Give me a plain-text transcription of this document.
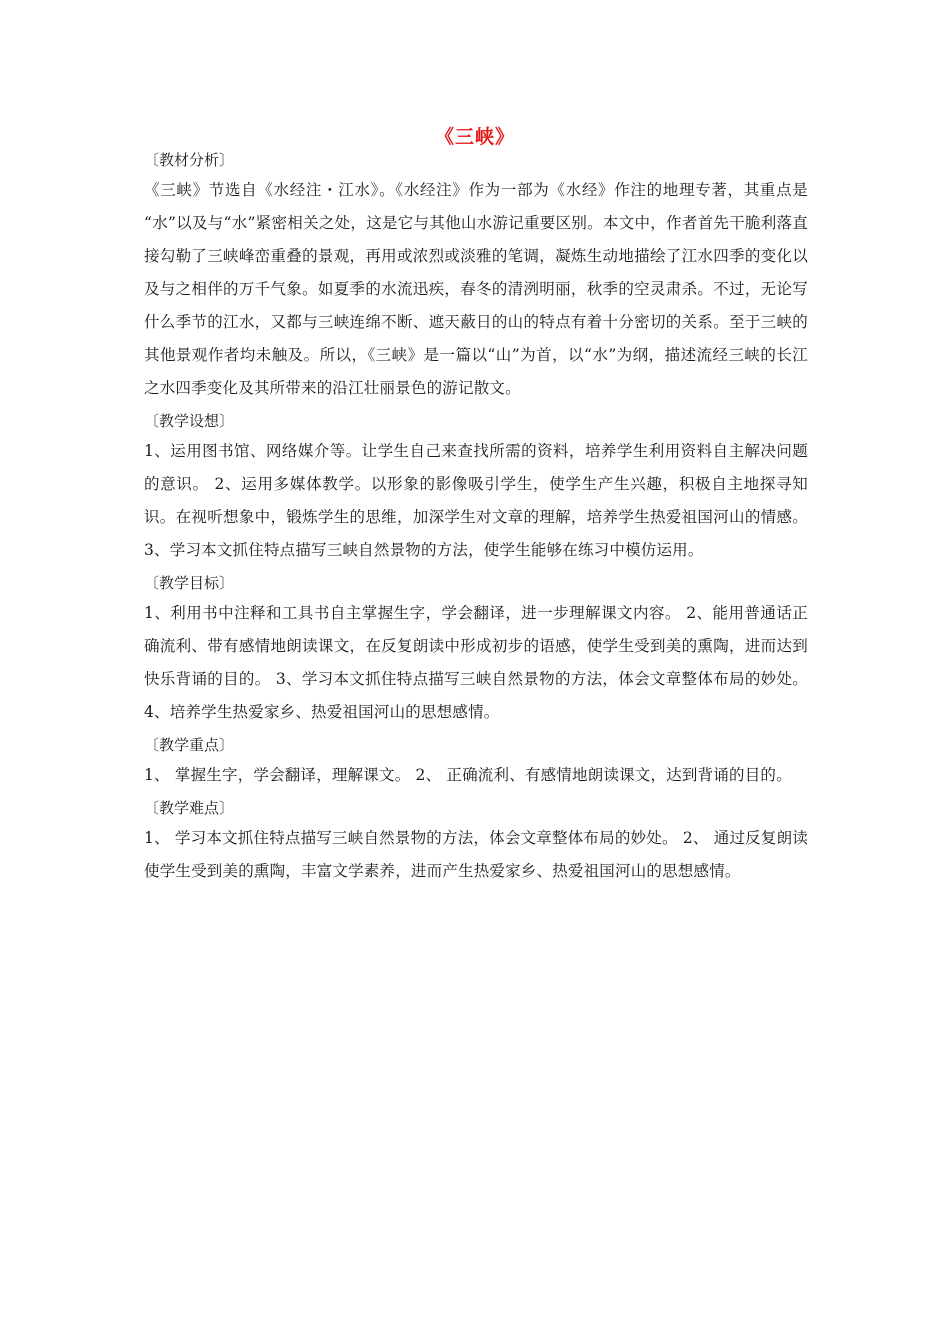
《三峡》

〔教材分析〕

《三峡》节选自《水经注・江水》。《水经注》作为一部为《水经》作注的地理专著，其重点是 “水”以及与“水”紧密相关之处，这是它与其他山水游记重要区别。本文中，作者首先干脆利落直接勾勒了三峡峰峦重叠的景观，再用或浓烈或淡雅的笔调，凝炼生动地描绘了江水四季的变化以及与之相伴的万千气象。如夏季的水流迅疾，春冬的清洌明丽，秋季的空灵肃杀。不过，无论写什么季节的江水，又都与三峡连绵不断、遮天蔽日的山的特点有着十分密切的关系。至于三峡的其他景观作者均未触及。所以，《三峡》是一篇以“山”为首，以“水”为纲，描述流经三峡的长江之水四季变化及其所带来的沿江壮丽景色的游记散文。

〔教学设想〕

1、运用图书馆、网络媒介等。让学生自己来查找所需的资料，培养学生利用资料自主解决问题的意识。 2、运用多媒体教学。以形象的影像吸引学生，使学生产生兴趣，积极自主地探寻知识。在视听想象中，锻炼学生的思维，加深学生对文章的理解，培养学生热爱祖国河山的情感。 3、学习本文抓住特点描写三峡自然景物的方法，使学生能够在练习中模仿运用。

〔教学目标〕

1、利用书中注释和工具书自主掌握生字，学会翻译，进一步理解课文内容。 2、能用普通话正确流利、带有感情地朗读课文，在反复朗读中形成初步的语感，使学生受到美的熏陶，进而达到快乐背诵的目的。 3、学习本文抓住特点描写三峡自然景物的方法，体会文章整体布局的妙处。 4、培养学生热爱家乡、热爱祖国河山的思想感情。

〔教学重点〕

1、 掌握生字，学会翻译，理解课文。 2、 正确流利、有感情地朗读课文，达到背诵的目的。

〔教学难点〕

1、 学习本文抓住特点描写三峡自然景物的方法，体会文章整体布局的妙处。 2、 通过反复朗读使学生受到美的熏陶，丰富文学素养，进而产生热爱家乡、热爱祖国河山的思想感情。
